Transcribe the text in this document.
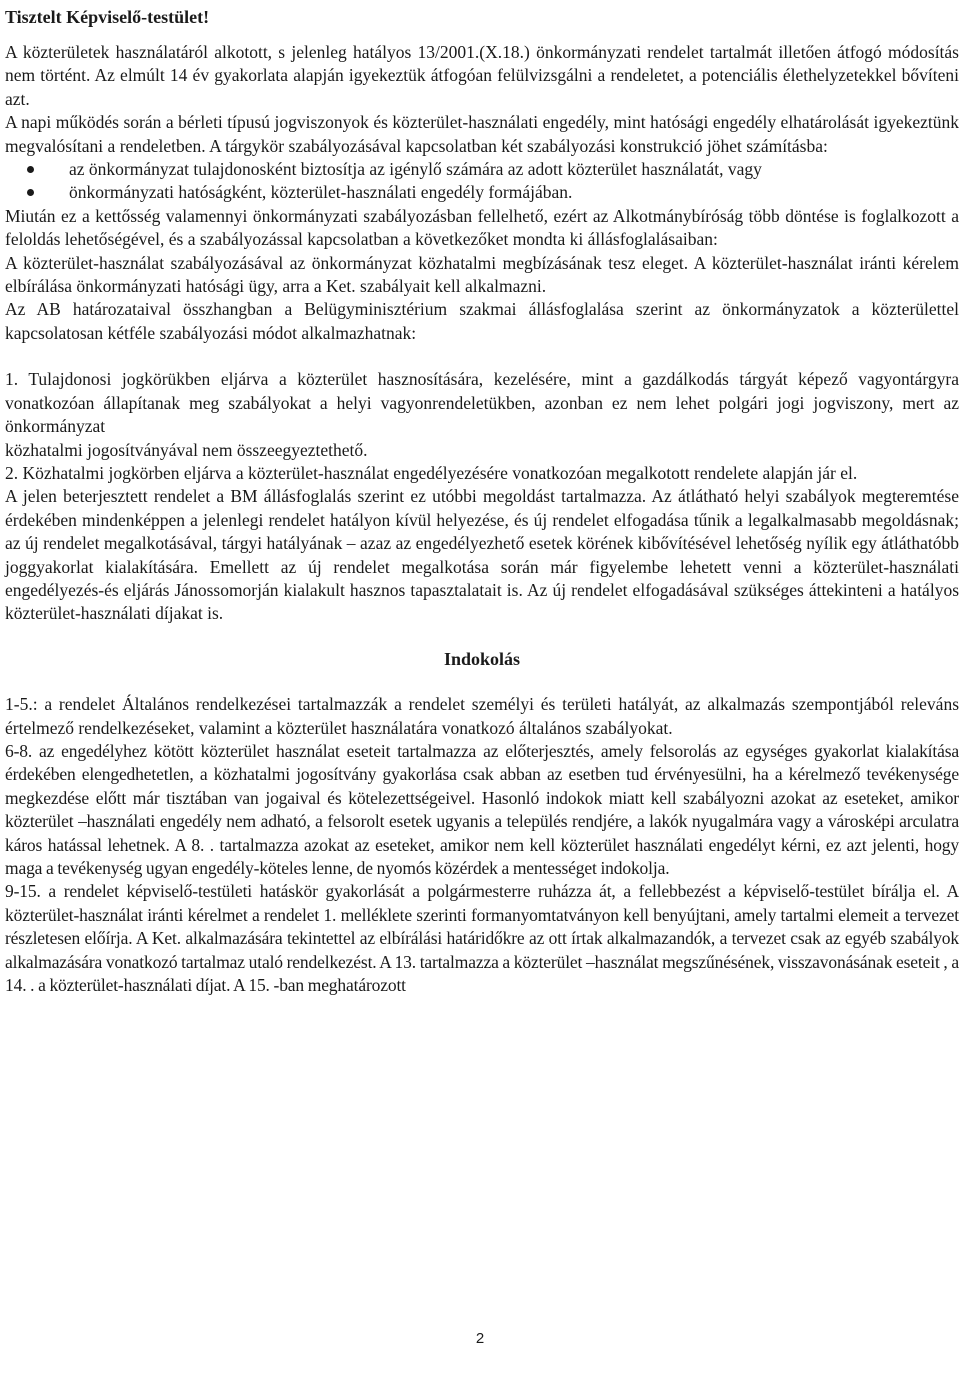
Tisztelt Képviselő-testület!

A közterületek használatáról alkotott, s jelenleg hatályos 13/2001.(X.18.) önkormányzati rendelet tartalmát illetően átfogó módosítás nem történt. Az elmúlt 14 év gyakorlata alapján igyekeztük átfogóan felülvizsgálni a rendeletet, a potenciális élethelyzetekkel bővíteni azt.

A napi működés során a bérleti típusú jogviszonyok és közterület-használati engedély, mint hatósági engedély elhatárolását igyekeztünk megvalósítani a rendeletben. A tárgykör szabályozásával kapcsolatban két szabályozási konstrukció jöhet számításba:

az önkormányzat tulajdonosként biztosítja az igénylő számára az adott közterület használatát, vagy
önkormányzati hatóságként, közterület-használati engedély formájában.

Miután ez a kettősség valamennyi önkormányzati szabályozásban fellelhető, ezért az Alkotmánybíróság több döntése is foglalkozott a feloldás lehetőségével, és a szabályozással kapcsolatban a következőket mondta ki állásfoglalásaiban:

A közterület-használat szabályozásával az önkormányzat közhatalmi megbízásának tesz eleget. A közterület-használat iránti kérelem elbírálása önkormányzati hatósági ügy, arra a Ket. szabályait kell alkalmazni.

Az AB határozataival összhangban a Belügyminisztérium szakmai állásfoglalása szerint az önkormányzatok a közterülettel kapcsolatosan kétféle szabályozási módot alkalmazhatnak:

1. Tulajdonosi jogkörükben eljárva a közterület hasznosítására, kezelésére, mint a gazdálkodás tárgyát képező vagyontárgyra vonatkozóan állapítanak meg szabályokat a helyi vagyonrendeletükben, azonban ez nem lehet polgári jogi jogviszony, mert az önkormányzat

közhatalmi jogosítványával nem összeegyeztethető.

2. Közhatalmi jogkörben eljárva a közterület-használat engedélyezésére vonatkozóan megalkotott rendelete alapján jár el.

A jelen beterjesztett rendelet a BM állásfoglalás szerint ez utóbbi megoldást tartalmazza. Az átlátható helyi szabályok megteremtése érdekében mindenképpen a jelenlegi rendelet hatályon kívül helyezése, és új rendelet elfogadása tűnik a legalkalmasabb megoldásnak; az új rendelet megalkotásával, tárgyi hatályának – azaz az engedélyezhető esetek körének kibővítésével lehetőség nyílik egy átláthatóbb joggyakorlat kialakítására. Emellett az új rendelet megalkotása során már figyelembe lehetett venni a közterület-használati engedélyezés-és eljárás Jánossomorján kialakult hasznos tapasztalatait is. Az új rendelet elfogadásával szükséges áttekinteni a hatályos közterület-használati díjakat is.

Indokolás

1-5.: a rendelet Általános rendelkezései tartalmazzák a rendelet személyi és területi hatályát, az alkalmazás szempontjából releváns értelmező rendelkezéseket, valamint a közterület használatára vonatkozó általános szabályokat.

6-8. az engedélyhez kötött közterület használat eseteit tartalmazza az előterjesztés, amely felsorolás az egységes gyakorlat kialakítása érdekében elengedhetetlen, a közhatalmi jogosítvány gyakorlása csak abban az esetben tud érvényesülni, ha a kérelmező tevékenysége megkezdése előtt már tisztában van jogaival és kötelezettségeivel. Hasonló indokok miatt kell szabályozni azokat az eseteket, amikor közterület –használati engedély nem adható, a felsorolt esetek ugyanis a település rendjére, a lakók nyugalmára vagy a városképi arculatra káros hatással lehetnek. A 8. . tartalmazza azokat az eseteket, amikor nem kell közterület használati engedélyt kérni, ez azt jelenti, hogy maga a tevékenység ugyan engedély-köteles lenne, de nyomós közérdek a mentességet indokolja.

9-15. a rendelet képviselő-testületi hatáskör gyakorlását a polgármesterre ruházza át, a fellebbezést a képviselő-testület bírálja el. A közterület-használat iránti kérelmet a rendelet 1. melléklete szerinti formanyomtatványon kell benyújtani, amely tartalmi elemeit a tervezet részletesen előírja. A Ket. alkalmazására tekintettel az elbírálási határidőkre az ott írtak alkalmazandók, a tervezet csak az egyéb szabályok alkalmazására vonatkozó tartalmaz utaló rendelkezést. A 13. tartalmazza a közterület –használat megszűnésének, visszavonásának eseteit , a 14. . a közterület-használati díjat. A 15. -ban meghatározott

2
